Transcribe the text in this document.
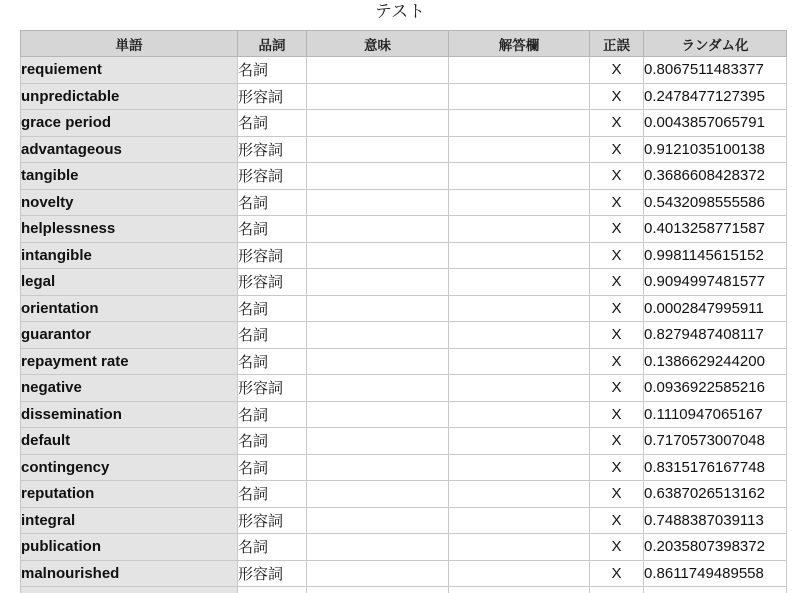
テスト
単語	品詞	意味	解答欄	正誤	ランダム化
requiement	名詞			X	0.8067511483377
unpredictable	形容詞			X	0.2478477127395
grace period	名詞			X	0.0043857065791
advantageous	形容詞			X	0.9121035100138
tangible	形容詞			X	0.3686608428372
novelty	名詞			X	0.5432098555586
helplessness	名詞			X	0.4013258771587
intangible	形容詞			X	0.9981145615152
legal	形容詞			X	0.9094997481577
orientation	名詞			X	0.0002847995911
guarantor	名詞			X	0.8279487408117
repayment rate	名詞			X	0.1386629244200
negative	形容詞			X	0.0936922585216
dissemination	名詞			X	0.1110947065167
default	名詞			X	0.7170573007048
contingency	名詞			X	0.8315176167748
reputation	名詞			X	0.6387026513162
integral	形容詞			X	0.7488387039113
publication	名詞			X	0.2035807398372
malnourished	形容詞			X	0.8611749489558
